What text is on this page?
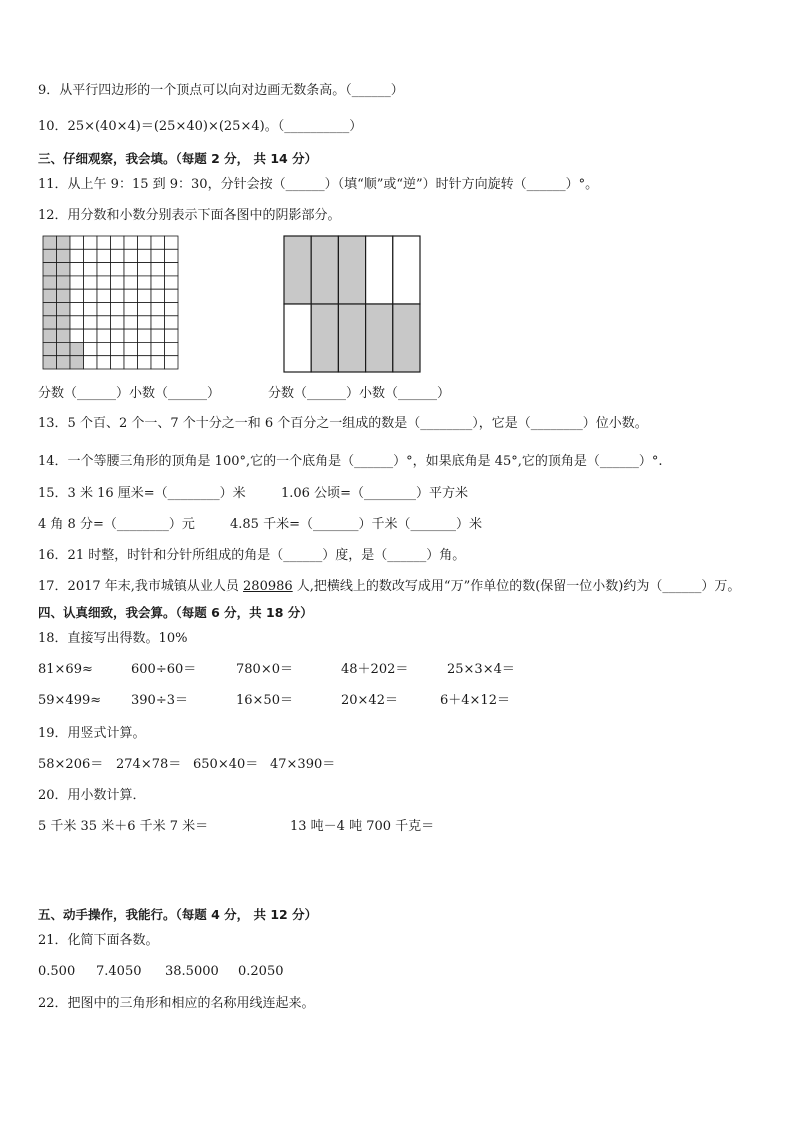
9．从平行四边形的一个顶点可以向对边画无数条高。（______）
10．25×(40×4)＝(25×40)×(25×4)。（__________）
三、仔细观察，我会填。（每题 2 分， 共 14 分）
11．从上午 9：15 到 9：30，分针会按（______）（填“顺”或“逆”）时针方向旋转（______）°。
12．用分数和小数分别表示下面各图中的阴影部分。
分数（______）小数（______）	分数（______）小数（______）
13．5 个百、2 个一、7 个十分之一和 6 个百分之一组成的数是（________），它是（________）位小数。
14．一个等腰三角形的顶角是 100°,它的一个底角是（______）°，如果底角是 45°,它的顶角是（______）°.
15．3 米 16 厘米=（________）米	1.06 公顷=（________）平方米
4 角 8 分=（________）元	4.85 千米=（_______）千米（_______）米
16．21 时整，时针和分针所组成的角是（______）度，是（______）角。
17．2017 年末,我市城镇从业人员 280986 人,把横线上的数改写成用“万”作单位的数(保留一位小数)约为（______）万。
四、认真细致，我会算。（每题 6 分，共 18 分）
18．直接写出得数。10%
81×69≈	600÷60＝	780×0＝	48＋202＝	25×3×4＝
59×499≈ 390÷3＝	16×50＝	20×42＝	6＋4×12＝
19．用竖式计算。
58×206＝ 274×78＝ 650×40＝ 47×390＝
20．用小数计算．
5 千米 35 米＋6 千米 7 米＝	13 吨－4 吨 700 千克＝
五、动手操作，我能行。（每题 4 分， 共 12 分）
21．化简下面各数。
0.500 7.4050 38.5000 0.2050
22．把图中的三角形和相应的名称用线连起来。
